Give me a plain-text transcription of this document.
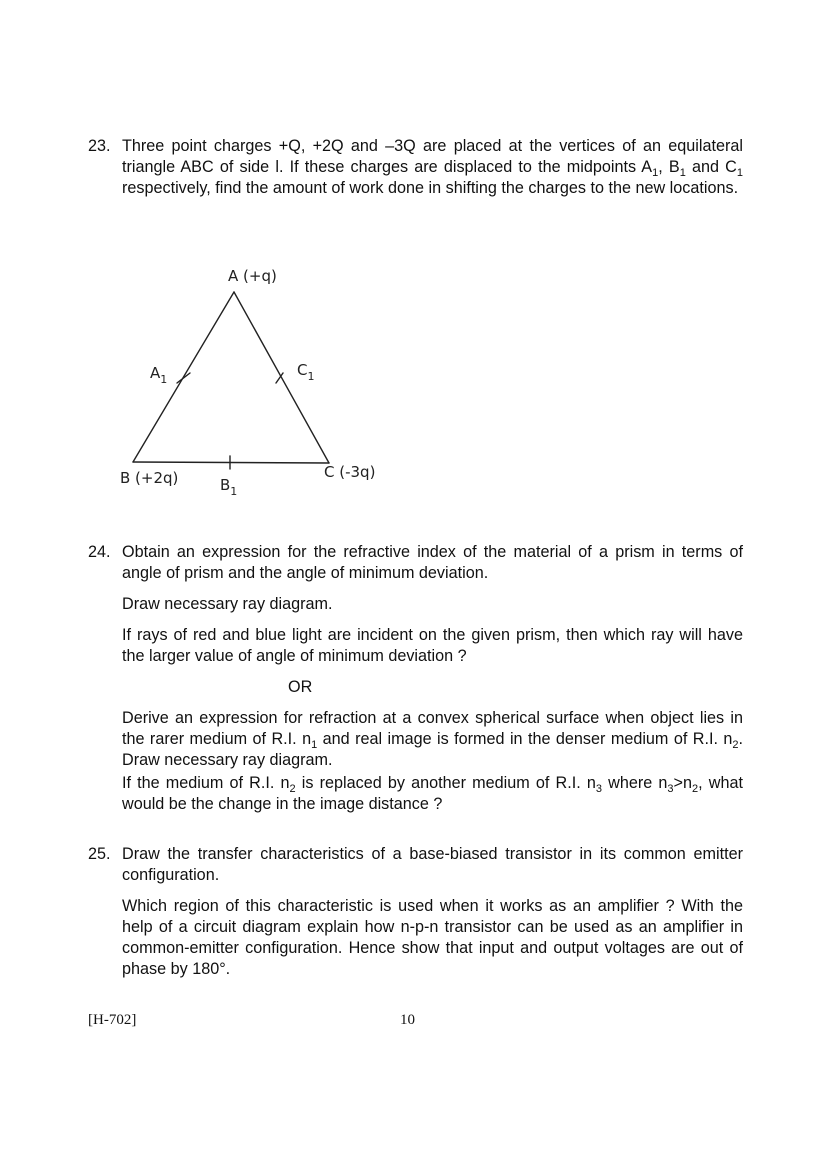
23. Three point charges +Q, +2Q and –3Q are placed at the vertices of an equilateral triangle ABC of side l. If these charges are displaced to the midpoints $A_1$, $B_1$ and $C_1$ respectively, find the amount of work done in shifting the charges to the new locations.

A (+q)
B (+2q)	C (-3q)
$A_1$
$C_1$
$B_1$
24. Obtain an expression for the refractive index of the material of a prism in terms of angle of prism and the angle of minimum deviation.

Draw necessary ray diagram.

If rays of red and blue light are incident on the given prism, then which ray will have the larger value of angle of minimum deviation ?

OR

Derive an expression for refraction at a convex spherical surface when object lies in the rarer medium of R.I. $n_1$ and real image is formed in the denser medium of R.I. $n_2$. Draw necessary ray diagram.

If the medium of R.I. $n_2$ is replaced by another medium of R.I. $n_3$ where $n_3>n_2$, what would be the change in the image distance ?

25. Draw the transfer characteristics of a base-biased transistor in its common emitter configuration.

Which region of this characteristic is used when it works as an amplifier ? With the help of a circuit diagram explain how n-p-n transistor can be used as an amplifier in common-emitter configuration. Hence show that input and output voltages are out of phase by 180°.

[H-702]	10
